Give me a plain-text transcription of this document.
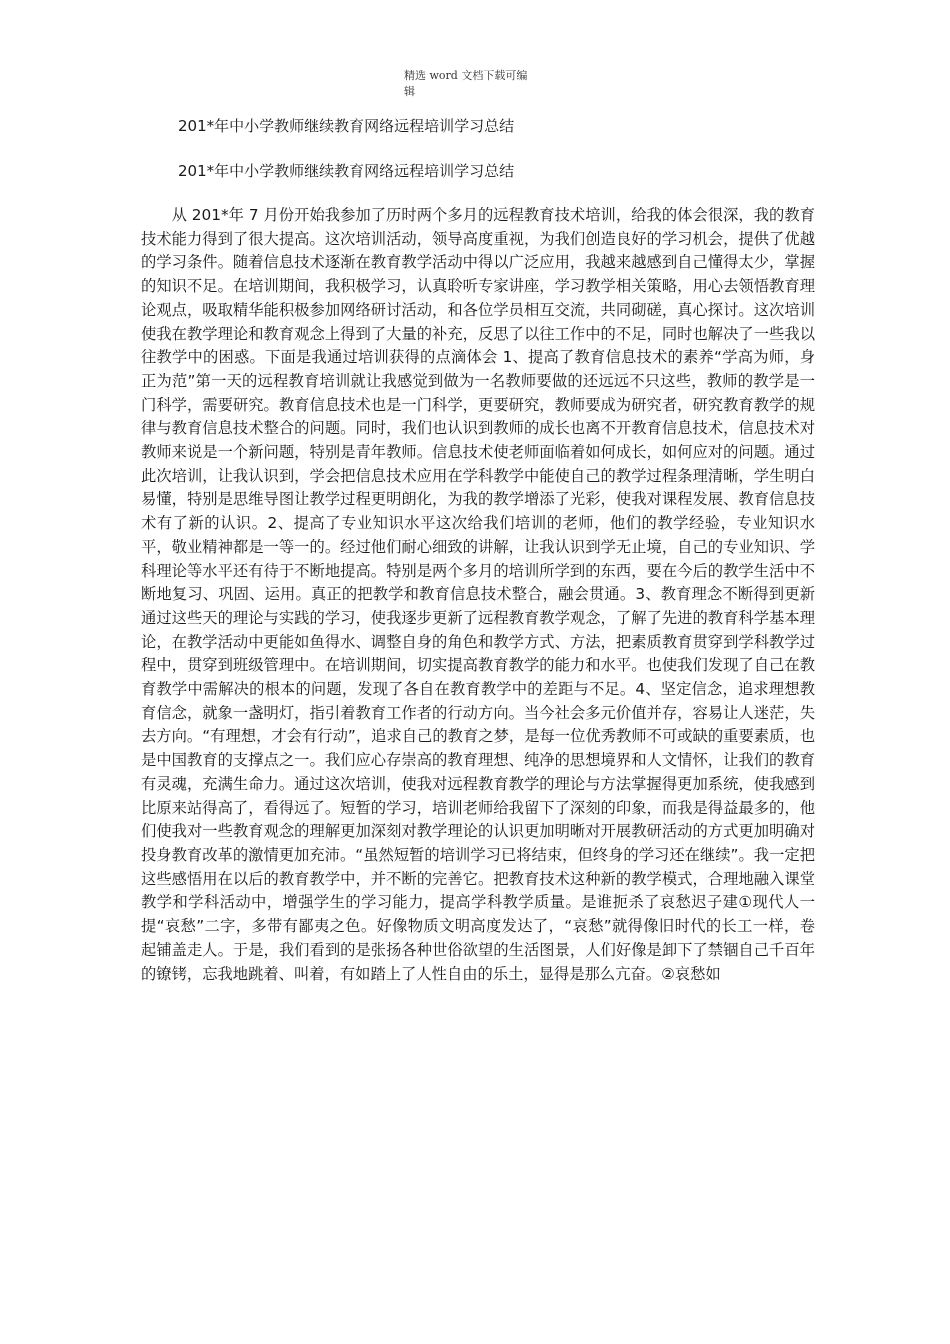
精选 word 文档下载可编
辑
201*年中小学教师继续教育网络远程培训学习总结
201*年中小学教师继续教育网络远程培训学习总结

从 201*年 7 月份开始我参加了历时两个多月的远程教育技术培训，给我的体会很深，我的教育技术能力得到了很大提高。这次培训活动，领导高度重视，为我们创造良好的学习机会，提供了优越的学习条件。随着信息技术逐渐在教育教学活动中得以广泛应用，我越来越感到自己懂得太少，掌握的知识不足。在培训期间，我积极学习，认真聆听专家讲座，学习教学相关策略，用心去领悟教育理论观点，吸取精华能积极参加网络研讨活动，和各位学员相互交流，共同砌磋，真心探讨。这次培训使我在教学理论和教育观念上得到了大量的补充，反思了以往工作中的不足，同时也解决了一些我以往教学中的困惑。下面是我通过培训获得的点滴体会 1、提高了教育信息技术的素养“学高为师，身正为范”第一天的远程教育培训就让我感觉到做为一名教师要做的还远远不只这些，教师的教学是一门科学，需要研究。教育信息技术也是一门科学，更要研究，教师要成为研究者，研究教育教学的规律与教育信息技术整合的问题。同时，我们也认识到教师的成长也离不开教育信息技术，信息技术对教师来说是一个新问题，特别是青年教师。信息技术使老师面临着如何成长，如何应对的问题。通过此次培训，让我认识到，学会把信息技术应用在学科教学中能使自己的教学过程条理清晰，学生明白易懂，特别是思维导图让教学过程更明朗化，为我的教学增添了光彩，使我对课程发展、教育信息技术有了新的认识。2、提高了专业知识水平这次给我们培训的老师，他们的教学经验，专业知识水平，敬业精神都是一等一的。经过他们耐心细致的讲解，让我认识到学无止境，自己的专业知识、学科理论等水平还有待于不断地提高。特别是两个多月的培训所学到的东西，要在今后的教学生活中不断地复习、巩固、运用。真正的把教学和教育信息技术整合，融会贯通。3、教育理念不断得到更新通过这些天的理论与实践的学习，使我逐步更新了远程教育教学观念，了解了先进的教育科学基本理论，在教学活动中更能如鱼得水、调整自身的角色和教学方式、方法，把素质教育贯穿到学科教学过程中，贯穿到班级管理中。在培训期间，切实提高教育教学的能力和水平。也使我们发现了自己在教育教学中需解决的根本的问题，发现了各自在教育教学中的差距与不足。4、坚定信念，追求理想教育信念，就象一盏明灯，指引着教育工作者的行动方向。当今社会多元价值并存，容易让人迷茫，失去方向。“有理想，才会有行动”，追求自己的教育之梦，是每一位优秀教师不可或缺的重要素质，也是中国教育的支撑点之一。我们应心存崇高的教育理想、纯净的思想境界和人文情怀，让我们的教育有灵魂，充满生命力。通过这次培训，使我对远程教育教学的理论与方法掌握得更加系统，使我感到比原来站得高了，看得远了。短暂的学习，培训老师给我留下了深刻的印象，而我是得益最多的，他们使我对一些教育观念的理解更加深刻对教学理论的认识更加明晰对开展教研活动的方式更加明确对投身教育改革的激情更加充沛。“虽然短暂的培训学习已将结束，但终身的学习还在继续”。我一定把这些感悟用在以后的教育教学中，并不断的完善它。把教育技术这种新的教学模式，合理地融入课堂教学和学科活动中，增强学生的学习能力，提高学科教学质量。是谁扼杀了哀愁迟子建①现代人一提“哀愁”二字，多带有鄙夷之色。好像物质文明高度发达了，“哀愁”就得像旧时代的长工一样，卷起铺盖走人。于是，我们看到的是张扬各种世俗欲望的生活图景，人们好像是卸下了禁锢自己千百年的镣铐，忘我地跳着、叫着，有如踏上了人性自由的乐土，显得是那么亢奋。②哀愁如
